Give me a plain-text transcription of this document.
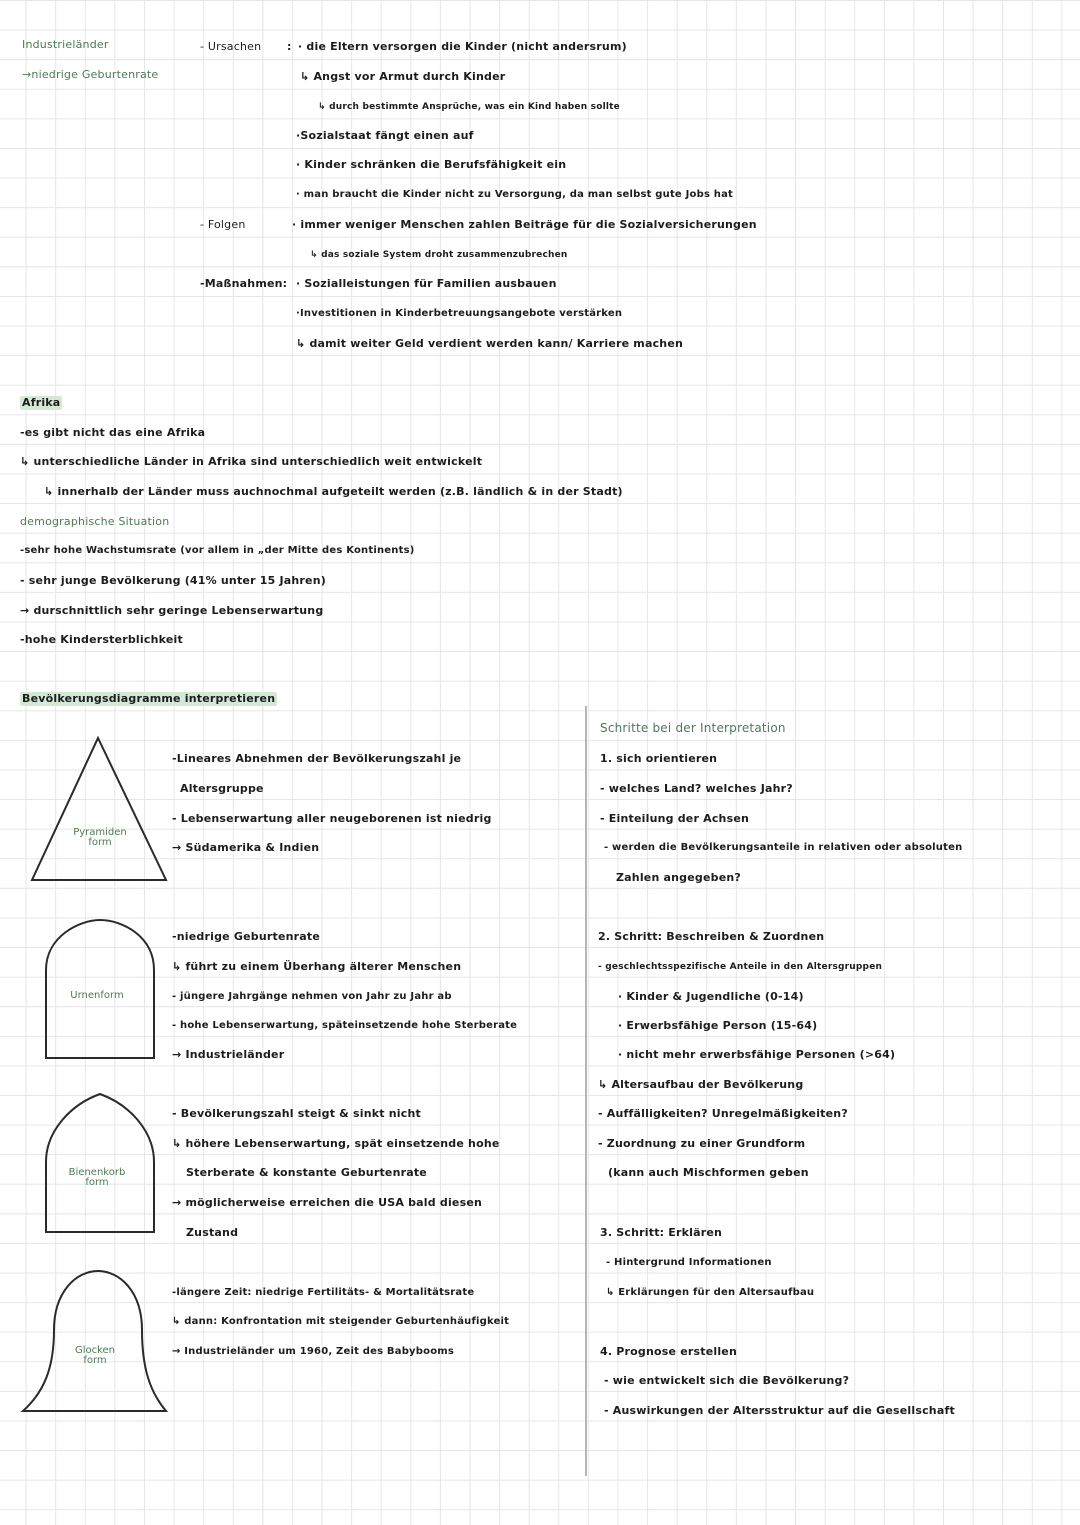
Industrieländer
→niedrige Geburtenrate
- Ursachen : · die Eltern versorgen die Kinder (nicht andersrum)
↳ Angst vor Armut durch Kinder
↳ durch bestimmte Ansprüche, was ein Kind haben sollte
·Sozialstaat fängt einen auf
· Kinder schränken die Berufsfähigkeit ein
· man braucht die Kinder nicht zu Versorgung, da man selbst gute Jobs hat
- Folgen	· immer weniger Menschen zahlen Beiträge für die Sozialversicherungen
↳ das soziale System droht zusammenzubrechen
-Maßnahmen: · Sozialleistungen für Familien ausbauen
·Investitionen in Kinderbetreuungsangebote verstärken
↳ damit weiter Geld verdient werden kann/ Karriere machen
Afrika
-es gibt nicht das eine Afrika
↳ unterschiedliche Länder in Afrika sind unterschiedlich weit entwickelt
↳ innerhalb der Länder muss auchnochmal aufgeteilt werden (z.B. ländlich & in der Stadt)
demographische Situation
-sehr hohe Wachstumsrate (vor allem in „der Mitte des Kontinents)
- sehr junge Bevölkerung (41% unter 15 Jahren)
→ durschnittlich sehr geringe Lebenserwartung
-hohe Kindersterblichkeit
Bevölkerungsdiagramme interpretieren
Pyramiden
form
-Lineares Abnehmen der Bevölkerungszahl je
Altersgruppe
- Lebenserwartung aller neugeborenen ist niedrig
→ Südamerika & Indien
Urnenform
-niedrige Geburtenrate
↳ führt zu einem Überhang älterer Menschen
- jüngere Jahrgänge nehmen von Jahr zu Jahr ab
- hohe Lebenserwartung, späteinsetzende hohe Sterberate
→ Industrieländer
Bienenkorb
form
- Bevölkerungszahl steigt & sinkt nicht
↳ höhere Lebenserwartung, spät einsetzende hohe
Sterberate & konstante Geburtenrate
→ möglicherweise erreichen die USA bald diesen
Zustand
Glocken
form
-längere Zeit: niedrige Fertilitäts- & Mortalitätsrate
↳ dann: Konfrontation mit steigender Geburtenhäufigkeit
→ Industrieländer um 1960, Zeit des Babybooms
Schritte bei der Interpretation
1. sich orientieren
- welches Land? welches Jahr?
- Einteilung der Achsen
- werden die Bevölkerungsanteile in relativen oder absoluten
Zahlen angegeben?
2. Schritt: Beschreiben & Zuordnen
- geschlechtsspezifische Anteile in den Altersgruppen
· Kinder & Jugendliche (0-14)
· Erwerbsfähige Person (15-64)
· nicht mehr erwerbsfähige Personen (>64)
↳ Altersaufbau der Bevölkerung
- Auffälligkeiten? Unregelmäßigkeiten?
- Zuordnung zu einer Grundform
(kann auch Mischformen geben
3. Schritt: Erklären
- Hintergrund Informationen
↳ Erklärungen für den Altersaufbau
4. Prognose erstellen
- wie entwickelt sich die Bevölkerung?
- Auswirkungen der Altersstruktur auf die Gesellschaft
